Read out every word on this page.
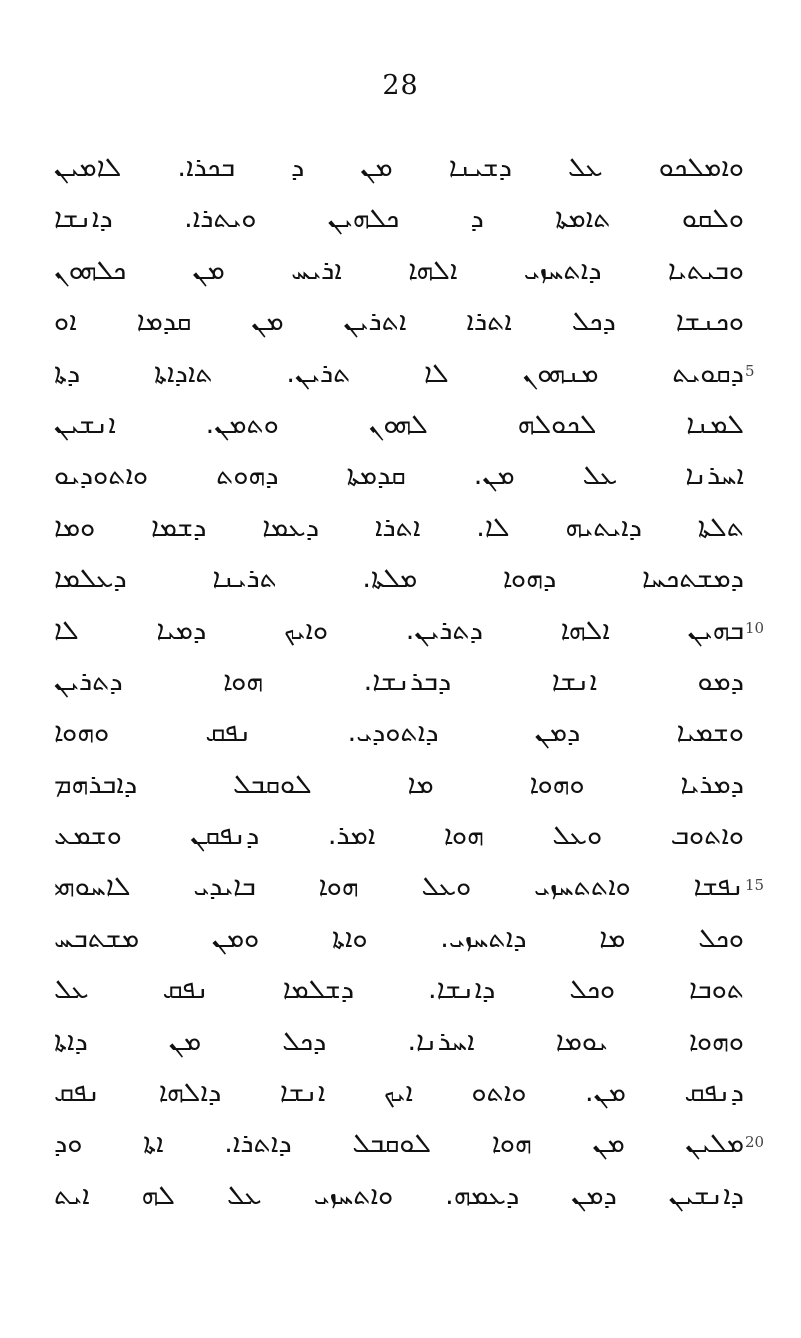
28
ܘܐܡܠܟܘ ܥܠ ܕܫܝܢܐ ܡܢ ܕ ܒܟܪܐ. ܠܐܡܝܢ
ܘܠܩܘ ܬܐܡܬܐ ܕ ܟܠܗܝܢ ܘܝܬܪܐ. ܕܐܢܫܐ
ܘܒܝܬܝܐ ܕܐܬܚܙܝ ܐܠܗܐ ܐܪܝܚ ܡܢ ܟܠܗܘܢ
ܘܟܢܫܐ ܕܟܠ ܐܬܪܐ ܐܬܪܝܢ ܡܢ ܩܕܡܐ ܐܘ
ܕܩܘܝܬ ܡܢܗܘܢ ܠܐ ܬܪܝܢ. ܬܐܕܐܬܐ ܕܬܐ
ܠܡܢܐ ܠܟܘܠܗ ܠܗܘܢ ܘܬܡܢ. ܐܢܫܝܢ
ܐܚܪܢܐ ܥܠ ܡܢ. ܩܕܡܬܐ ܕܗܘܬ ܘܐܬܘܕܝܘ
ܬܠܬܐ ܕܐܝܬܝܗ ܠܐ. ܐܬܪܐ ܕܥܡܐ ܕܫܡܐ ܘܡܐ
ܕܡܫܬܟܚܐ ܕܗܘܐ ܡܠܬܐ. ܬܪܝܢܐ ܕܥܠܡܐ
ܒܗܝܢ ܐܠܗܐ ܕܬܪܝܢ. ܘܐܝܟ ܕܡܝܐ ܠܐ
ܕܡܘ ܐܢܫܐ ܕܒܪܢܫܐ. ܗܘܐ ܕܬܪܝܢ
ܘܫܡܝܐ ܕܡܢ ܕܐܬܘܕܝ. ܢܦܩ ܘܗܘܐ
ܕܡܪܝܐ ܘܗܘܐ ܡܐ ܠܘܩܒܠ ܕܐܒܪܗܡ
ܘܐܬܘܒ ܘܥܠ ܗܘܐ ܐܡܪ. ܕܢܦܩܢ ܘܫܡܥ
ܢܦܫܐ ܘܐܬܬܚܙܝ ܘܥܠ ܗܘܐ ܒܐܝܕܝ ܠܐܚܘܗܝ
ܘܟܠ ܡܐ ܕܐܬܚܙܝ. ܘܐܬܐ ܘܡܢ ܡܫܬܒܚ
ܬܘܒܐ ܘܟܠ ܕܐܢܫܐ. ܕܫܠܡܐ ܢܦܩ ܥܠ
ܘܗܘܐ ܝܘܡܐ ܐܚܪܢܐ. ܕܟܠ ܡܢ ܕܐܬܐ
ܕܢܦܩ ܡܢ. ܘܐܬܘ ܐܝܟ ܐܢܫܐ ܕܐܠܗܐ ܢܦܩ
ܡܠܝܢ ܡܢ ܗܘܐ ܠܘܩܒܠ ܕܐܬܪܐ. ܐܬܐ ܘܕ
ܕܐܢܫܝܢ ܕܡܢ ܕܥܡܗ. ܘܐܬܚܙܝ ܥܠ ܠܗ ܐܝܬ
5
10
15
20
